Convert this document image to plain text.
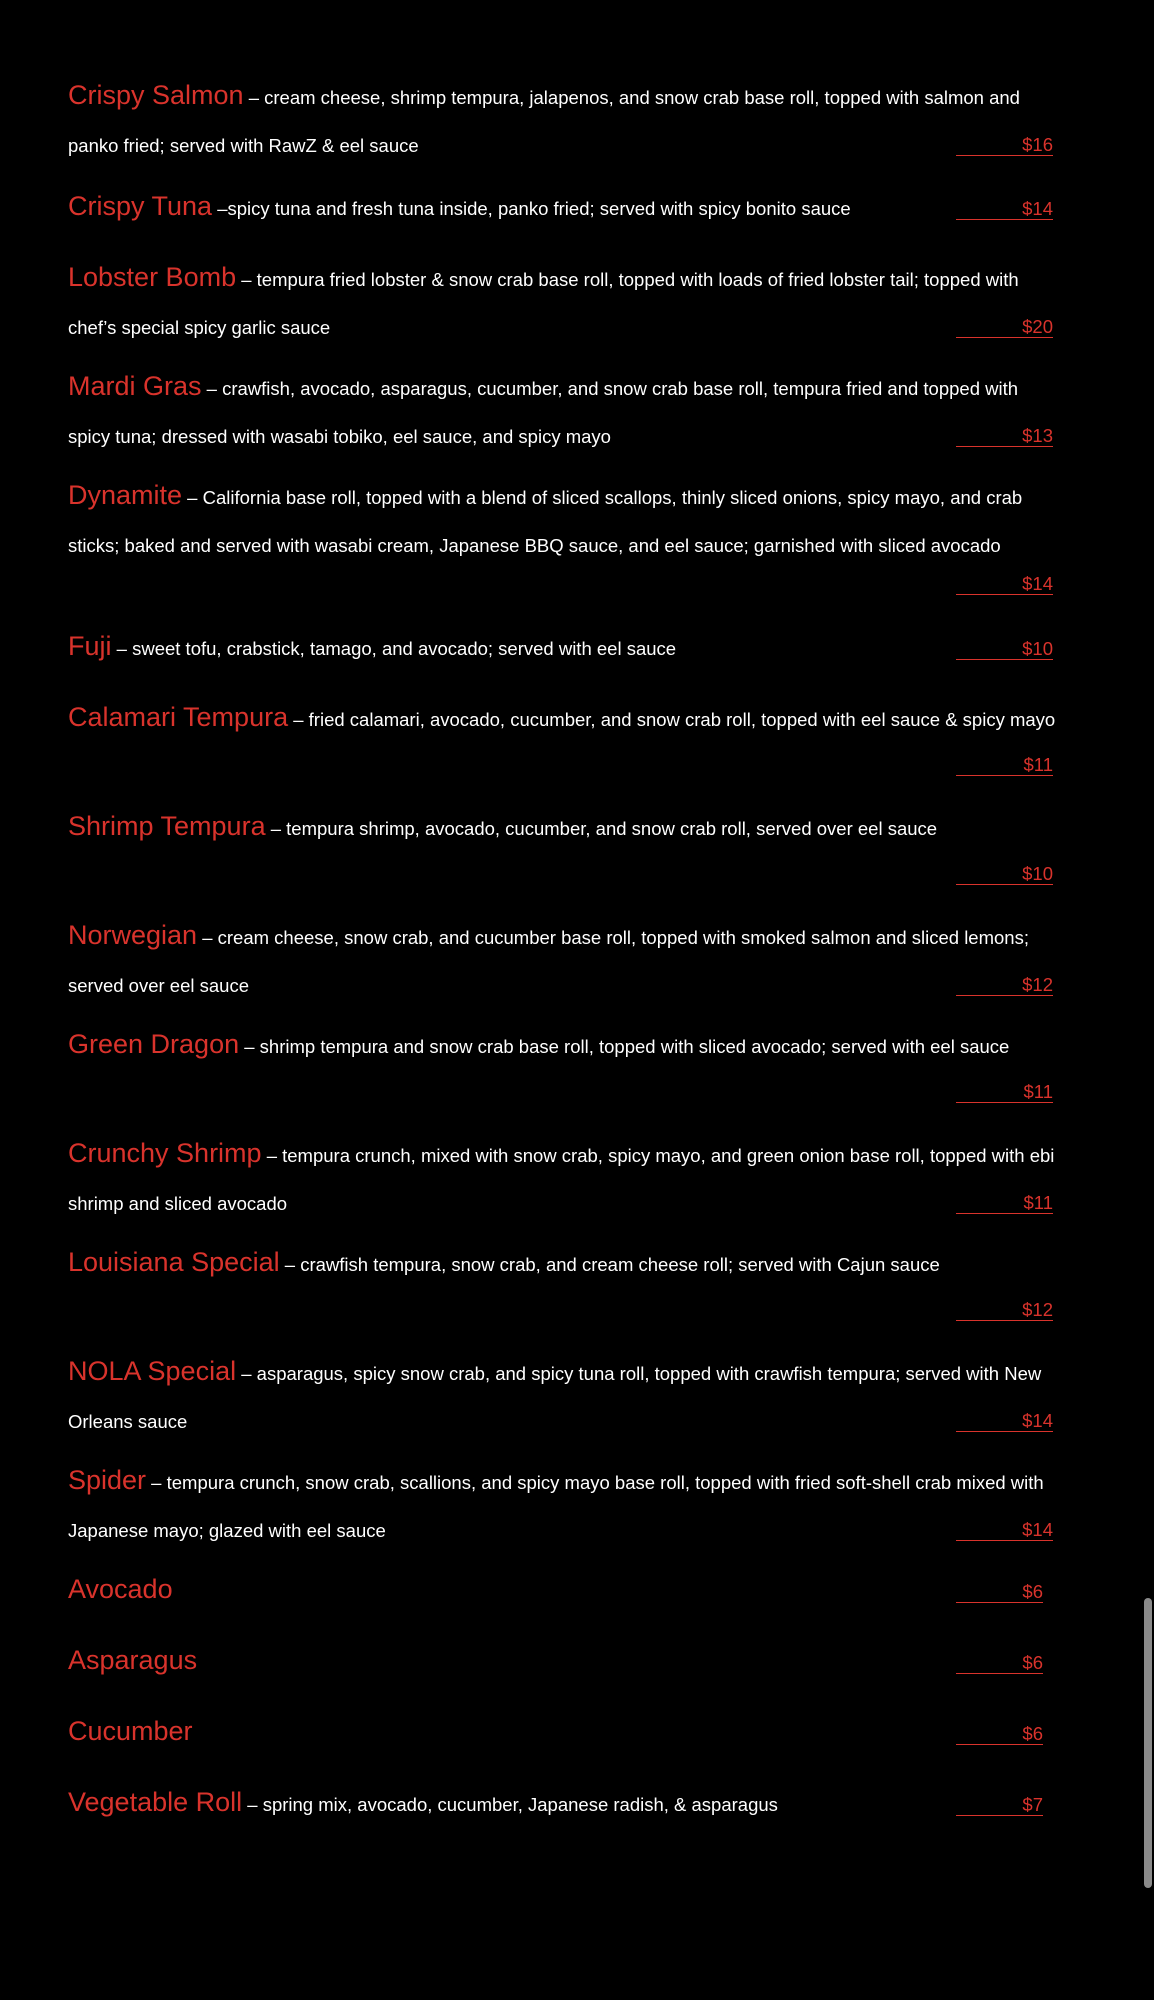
Crispy Salmon – cream cheese, shrimp tempura, jalapenos, and snow crab base roll, topped with salmon and
panko fried; served with RawZ & eel sauce	$16
Crispy Tuna –spicy tuna and fresh tuna inside, panko fried; served with spicy bonito sauce	$14
Lobster Bomb – tempura fried lobster & snow crab base roll, topped with loads of fried lobster tail; topped with
chef’s special spicy garlic sauce	$20
Mardi Gras – crawfish, avocado, asparagus, cucumber, and snow crab base roll, tempura fried and topped with
spicy tuna; dressed with wasabi tobiko, eel sauce, and spicy mayo	$13
Dynamite – California base roll, topped with a blend of sliced scallops, thinly sliced onions, spicy mayo, and crab
sticks; baked and served with wasabi cream, Japanese BBQ sauce, and eel sauce; garnished with sliced avocado
$14
Fuji – sweet tofu, crabstick, tamago, and avocado; served with eel sauce	$10
Calamari Tempura – fried calamari, avocado, cucumber, and snow crab roll, topped with eel sauce & spicy mayo
$11
Shrimp Tempura – tempura shrimp, avocado, cucumber, and snow crab roll, served over eel sauce
$10
Norwegian – cream cheese, snow crab, and cucumber base roll, topped with smoked salmon and sliced lemons;
served over eel sauce	$12
Green Dragon – shrimp tempura and snow crab base roll, topped with sliced avocado; served with eel sauce
$11
Crunchy Shrimp – tempura crunch, mixed with snow crab, spicy mayo, and green onion base roll, topped with ebi
shrimp and sliced avocado	$11
Louisiana Special – crawfish tempura, snow crab, and cream cheese roll; served with Cajun sauce
$12
NOLA Special – asparagus, spicy snow crab, and spicy tuna roll, topped with crawfish tempura; served with New
Orleans sauce	$14
Spider – tempura crunch, snow crab, scallions, and spicy mayo base roll, topped with fried soft-shell crab mixed with
Japanese mayo; glazed with eel sauce	$14
Avocado	$6
Asparagus	$6
Cucumber	$6
Vegetable Roll – spring mix, avocado, cucumber, Japanese radish, & asparagus	$7
